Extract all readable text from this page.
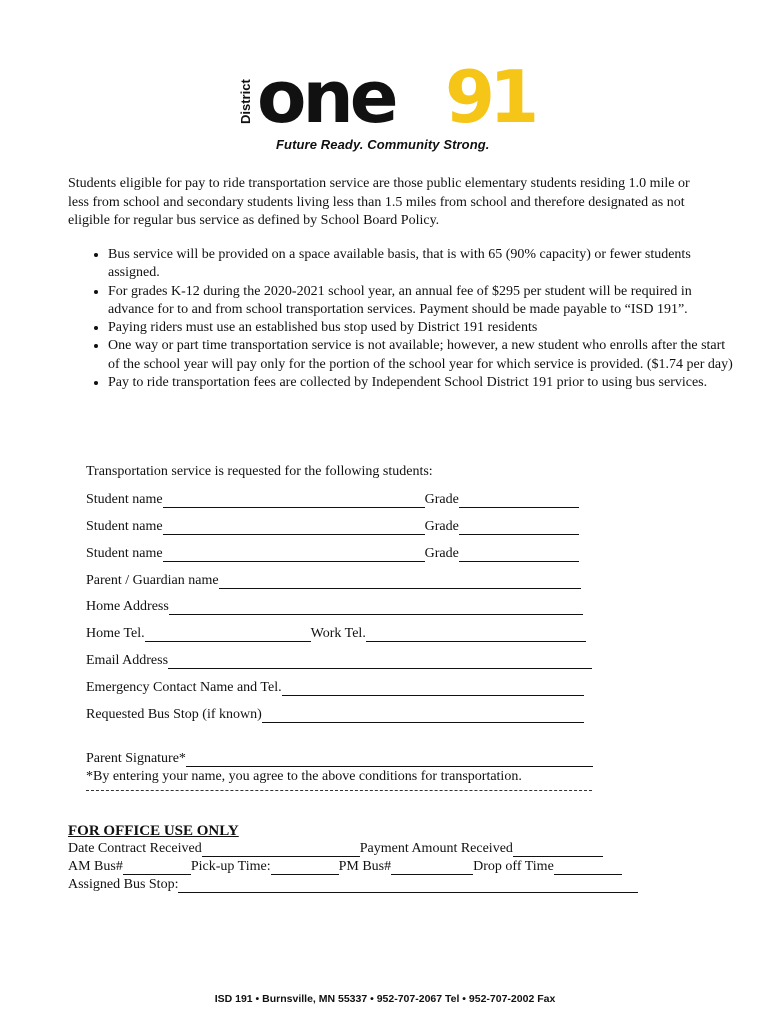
District one 91
Future Ready. Community Strong.
Students eligible for pay to ride transportation service are those public elementary students residing 1.0 mile or less from school and secondary students living less than 1.5 miles from school and therefore designated as not eligible for regular bus service as defined by School Board Policy.
• Bus service will be provided on a space available basis, that is with 65 (90% capacity) or fewer students assigned.
• For grades K-12 during the 2020-2021 school year, an annual fee of $295 per student will be required in advance for to and from school transportation services. Payment should be made payable to “ISD 191”.
• Paying riders must use an established bus stop used by District 191 residents
• One way or part time transportation service is not available; however, a new student who enrolls after the start of the school year will pay only for the portion of the school year for which service is provided. ($1.74 per day)
• Pay to ride transportation fees are collected by Independent School District 191 prior to using bus services.
Transportation service is requested for the following students:
Student name	Grade
Student name	Grade
Student name	Grade
Parent / Guardian name
Home Address
Home Tel.	Work Tel.
Email Address
Emergency Contact Name and Tel.
Requested Bus Stop (if known)
Parent Signature*
*By entering your name, you agree to the above conditions for transportation.
FOR OFFICE USE ONLY
Date Contract Received	Payment Amount Received
AM Bus#	Pick-up Time:	PM Bus#	Drop off Time
Assigned Bus Stop:
ISD 191 • Burnsville, MN 55337 • 952-707-2067 Tel • 952-707-2002 Fax
